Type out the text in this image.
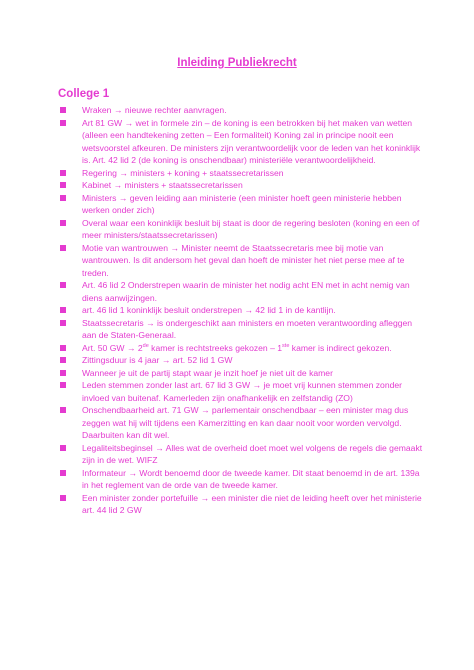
Inleiding Publiekrecht
College 1
Wraken → nieuwe rechter aanvragen.
Art 81 GW → wet in formele zin – de koning is een betrokken bij het maken van wetten (alleen een handtekening zetten – Een formaliteit) Koning zal in principe nooit een wetsvoorstel afkeuren. De ministers zijn verantwoordelijk voor de leden van het koninklijk is. Art. 42 lid 2 (de koning is onschendbaar) ministeriële verantwoordelijkheid.
Regering → ministers + koning + staatssecretarissen
Kabinet → ministers + staatssecretarissen
Ministers → geven leiding aan ministerie (een minister hoeft geen ministerie hebben werken onder zich)
Overal waar een koninklijk besluit bij staat is door de regering besloten (koning en een of meer ministers/staatssecretarissen)
Motie van wantrouwen → Minister neemt de Staatssecretaris mee bij motie van wantrouwen. Is dit andersom het geval dan hoeft de minister het niet perse mee af te treden.
Art. 46 lid 2 Onderstrepen waarin de minister het nodig acht EN met in acht nemig van diens aanwijzingen.
art. 46 lid 1 koninklijk besluit onderstrepen → 42 lid 1 in de kantlijn.
Staatssecretaris → is ondergeschikt aan ministers en moeten verantwoording afleggen aan de Staten-Generaal.
Art. 50 GW → 2de kamer is rechtstreeks gekozen – 1ste kamer is indirect gekozen.
Zittingsduur is 4 jaar → art. 52 lid 1 GW
Wanneer je uit de partij stapt waar je inzit hoef je niet uit de kamer
Leden stemmen zonder last art. 67 lid 3 GW → je moet vrij kunnen stemmen zonder invloed van buitenaf. Kamerleden zijn onafhankelijk en zelfstandig (ZO)
Onschendbaarheid art. 71 GW → parlementair onschendbaar – een minister mag dus zeggen wat hij wilt tijdens een Kamerzitting en kan daar nooit voor worden vervolgd. Daarbuiten kan dit wel.
Legaliteitsbeginsel → Alles wat de overheid doet moet wel volgens de regels die gemaakt zijn in de wet. WIFZ
Informateur → Wordt benoemd door de tweede kamer. Dit staat benoemd in de art. 139a in het reglement van de orde van de tweede kamer.
Een minister zonder portefuille → een minister die niet de leiding heeft over het ministerie art. 44 lid 2 GW
